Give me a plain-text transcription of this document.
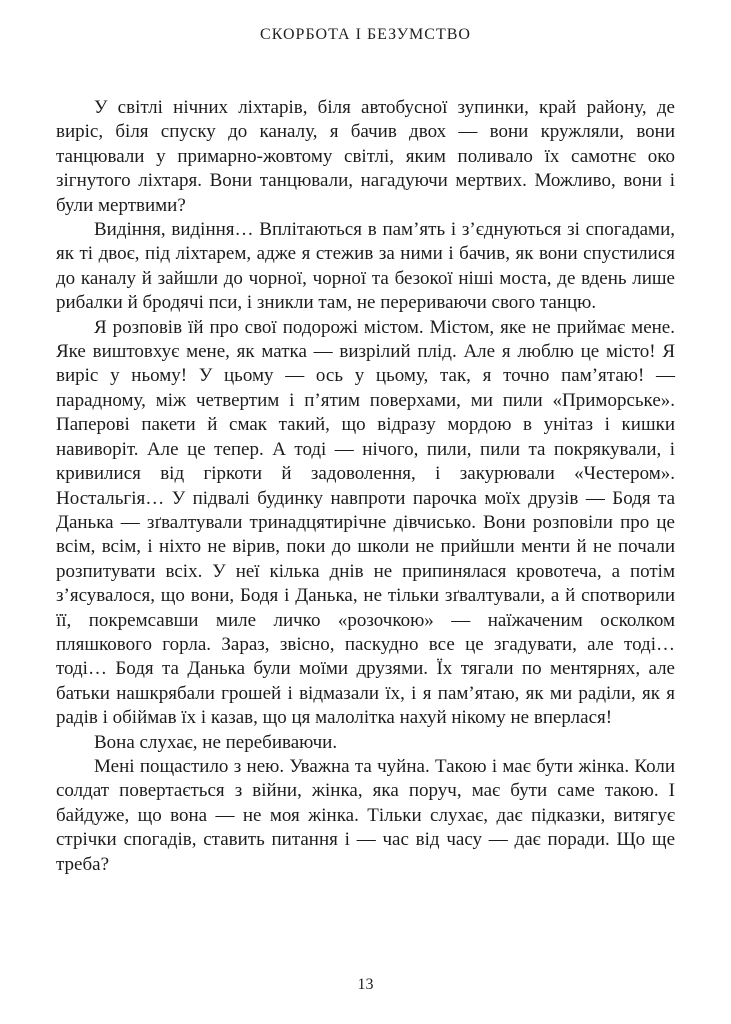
СКОРБОТА І БЕЗУМСТВО

У світлі нічних ліхтарів, біля автобусної зупинки, край району, де виріс, біля спуску до каналу, я бачив двох — вони кружляли, вони танцювали у примарно-жовтому світлі, яким поливало їх самотнє око зігнутого ліхтаря. Вони танцювали, нагадуючи мертвих. Можливо, вони і були мертвими?

Видіння, видіння… Вплітаються в пам’ять і з’єднуються зі спогадами, як ті двоє, під ліхтарем, адже я стежив за ними і бачив, як вони спустилися до каналу й зайшли до чорної, чорної та безокої ніші моста, де вдень лише рибалки й бродячі пси, і зникли там, не перериваючи свого танцю.

Я розповів їй про свої подорожі містом. Містом, яке не приймає мене. Яке виштовхує мене, як матка — визрілий плід. Але я люблю це місто! Я виріс у ньому! У цьому — ось у цьому, так, я точно пам’ятаю! — парадному, між четвертим і п’ятим поверхами, ми пили «Приморське». Паперові пакети й смак такий, що відразу мордою в унітаз і кишки навиворіт. Але це тепер. А тоді — нічого, пили, пили та покрякували, і кривилися від гіркоти й задоволення, і закурювали «Честером». Ностальгія… У підвалі будинку навпроти парочка моїх друзів — Бодя та Данька — зґвалтували тринадцятирічне дівчисько. Вони розповіли про це всім, всім, і ніхто не вірив, поки до школи не прийшли менти й не почали розпитувати всіх. У неї кілька днів не припинялася кровотеча, а потім з’ясувалося, що вони, Бодя і Данька, не тільки зґвалтували, а й спотворили її, покремсавши миле личко «розочкою» — наїжаченим осколком пляшкового горла. Зараз, звісно, паскудно все це згадувати, але тоді… тоді… Бодя та Данька були моїми друзями. Їх тягали по ментярнях, але батьки нашкрябали грошей і відмазали їх, і я пам’ятаю, як ми раділи, як я радів і обіймав їх і казав, що ця малолітка нахуй нікому не вперлася!

Вона слухає, не перебиваючи.

Мені пощастило з нею. Уважна та чуйна. Такою і має бути жінка. Коли солдат повертається з війни, жінка, яка поруч, має бути саме такою. І байдуже, що вона — не моя жінка. Тільки слухає, дає підказки, витягує стрічки спогадів, ставить питання і — час від часу — дає поради. Що ще треба?

13
